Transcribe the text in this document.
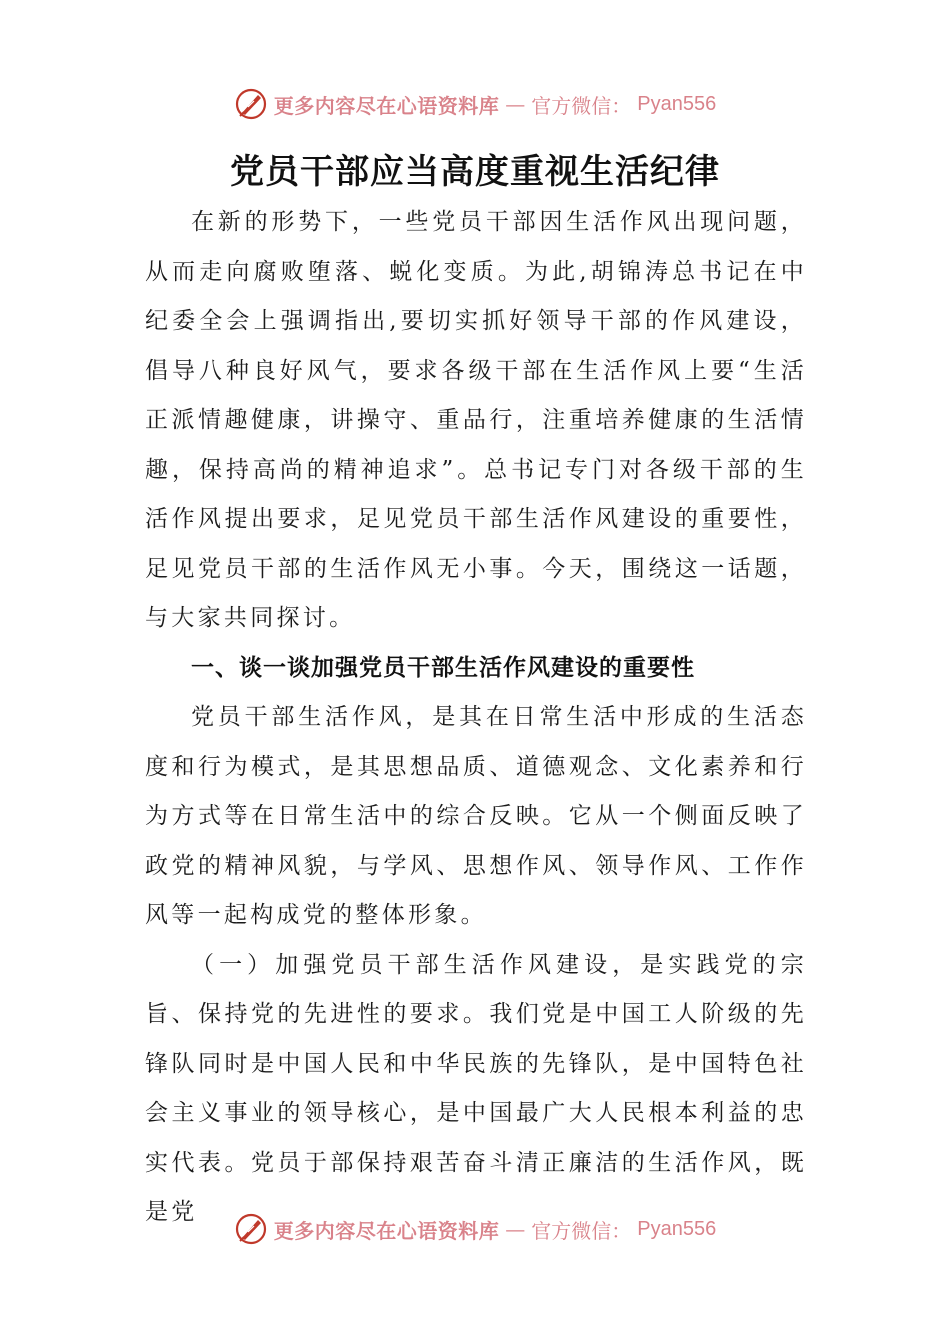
更多内容尽在心语资料库 — 官方微信： Pyan556
党员干部应当高度重视生活纪律

在新的形势下，一些党员干部因生活作风出现问题，从而走向腐败堕落、蜕化变质。为此,胡锦涛总书记在中纪委全会上强调指出,要切实抓好领导干部的作风建设，倡导八种良好风气，要求各级干部在生活作风上要“生活正派情趣健康，讲操守、重品行，注重培养健康的生活情趣，保持高尚的精神追求”。总书记专门对各级干部的生活作风提出要求，足见党员干部生活作风建设的重要性，足见党员干部的生活作风无小事。今天，围绕这一话题，与大家共同探讨。

一、谈一谈加强党员干部生活作风建设的重要性

党员干部生活作风，是其在日常生活中形成的生活态度和行为模式，是其思想品质、道德观念、文化素养和行为方式等在日常生活中的综合反映。它从一个侧面反映了政党的精神风貌，与学风、思想作风、领导作风、工作作风等一起构成党的整体形象。

（一）加强党员干部生活作风建设，是实践党的宗旨、保持党的先进性的要求。我们党是中国工人阶级的先锋队同时是中国人民和中华民族的先锋队，是中国特色社会主义事业的领导核心，是中国最广大人民根本利益的忠实代表。党员于部保持艰苦奋斗清正廉洁的生活作风，既是党

更多内容尽在心语资料库 — 官方微信： Pyan556
